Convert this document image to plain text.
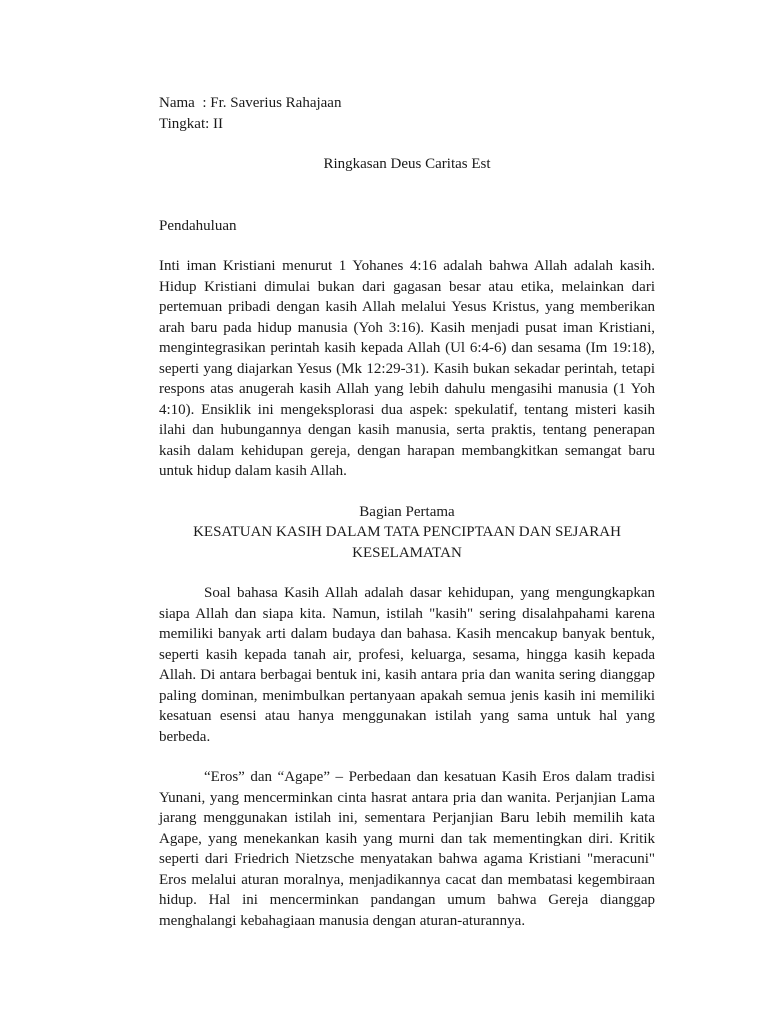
Nama  : Fr. Saverius Rahajaan

Tingkat: II

Ringkasan Deus Caritas Est

Pendahuluan

Inti iman Kristiani menurut 1 Yohanes 4:16 adalah bahwa Allah adalah kasih. Hidup Kristiani dimulai bukan dari gagasan besar atau etika, melainkan dari pertemuan pribadi dengan kasih Allah melalui Yesus Kristus, yang memberikan arah baru pada hidup manusia (Yoh 3:16). Kasih menjadi pusat iman Kristiani, mengintegrasikan perintah kasih kepada Allah (Ul 6:4-6) dan sesama (Im 19:18), seperti yang diajarkan Yesus (Mk 12:29-31). Kasih bukan sekadar perintah, tetapi respons atas anugerah kasih Allah yang lebih dahulu mengasihi manusia (1 Yoh 4:10). Ensiklik ini mengeksplorasi dua aspek: spekulatif, tentang misteri kasih ilahi dan hubungannya dengan kasih manusia, serta praktis, tentang penerapan kasih dalam kehidupan gereja, dengan harapan membangkitkan semangat baru untuk hidup dalam kasih Allah.

Bagian Pertama

KESATUAN KASIH DALAM TATA PENCIPTAAN DAN SEJARAH KESELAMATAN

Soal bahasa Kasih Allah adalah dasar kehidupan, yang mengungkapkan siapa Allah dan siapa kita. Namun, istilah "kasih" sering disalahpahami karena memiliki banyak arti dalam budaya dan bahasa. Kasih mencakup banyak bentuk, seperti kasih kepada tanah air, profesi, keluarga, sesama, hingga kasih kepada Allah. Di antara berbagai bentuk ini, kasih antara pria dan wanita sering dianggap paling dominan, menimbulkan pertanyaan apakah semua jenis kasih ini memiliki kesatuan esensi atau hanya menggunakan istilah yang sama untuk hal yang berbeda.

“Eros” dan “Agape” – Perbedaan dan kesatuan Kasih Eros dalam tradisi Yunani, yang mencerminkan cinta hasrat antara pria dan wanita. Perjanjian Lama jarang menggunakan istilah ini, sementara Perjanjian Baru lebih memilih kata Agape, yang menekankan kasih yang murni dan tak mementingkan diri. Kritik seperti dari Friedrich Nietzsche menyatakan bahwa agama Kristiani "meracuni" Eros melalui aturan moralnya, menjadikannya cacat dan membatasi kegembiraan hidup. Hal ini mencerminkan pandangan umum bahwa Gereja dianggap menghalangi kebahagiaan manusia dengan aturan-aturannya.
